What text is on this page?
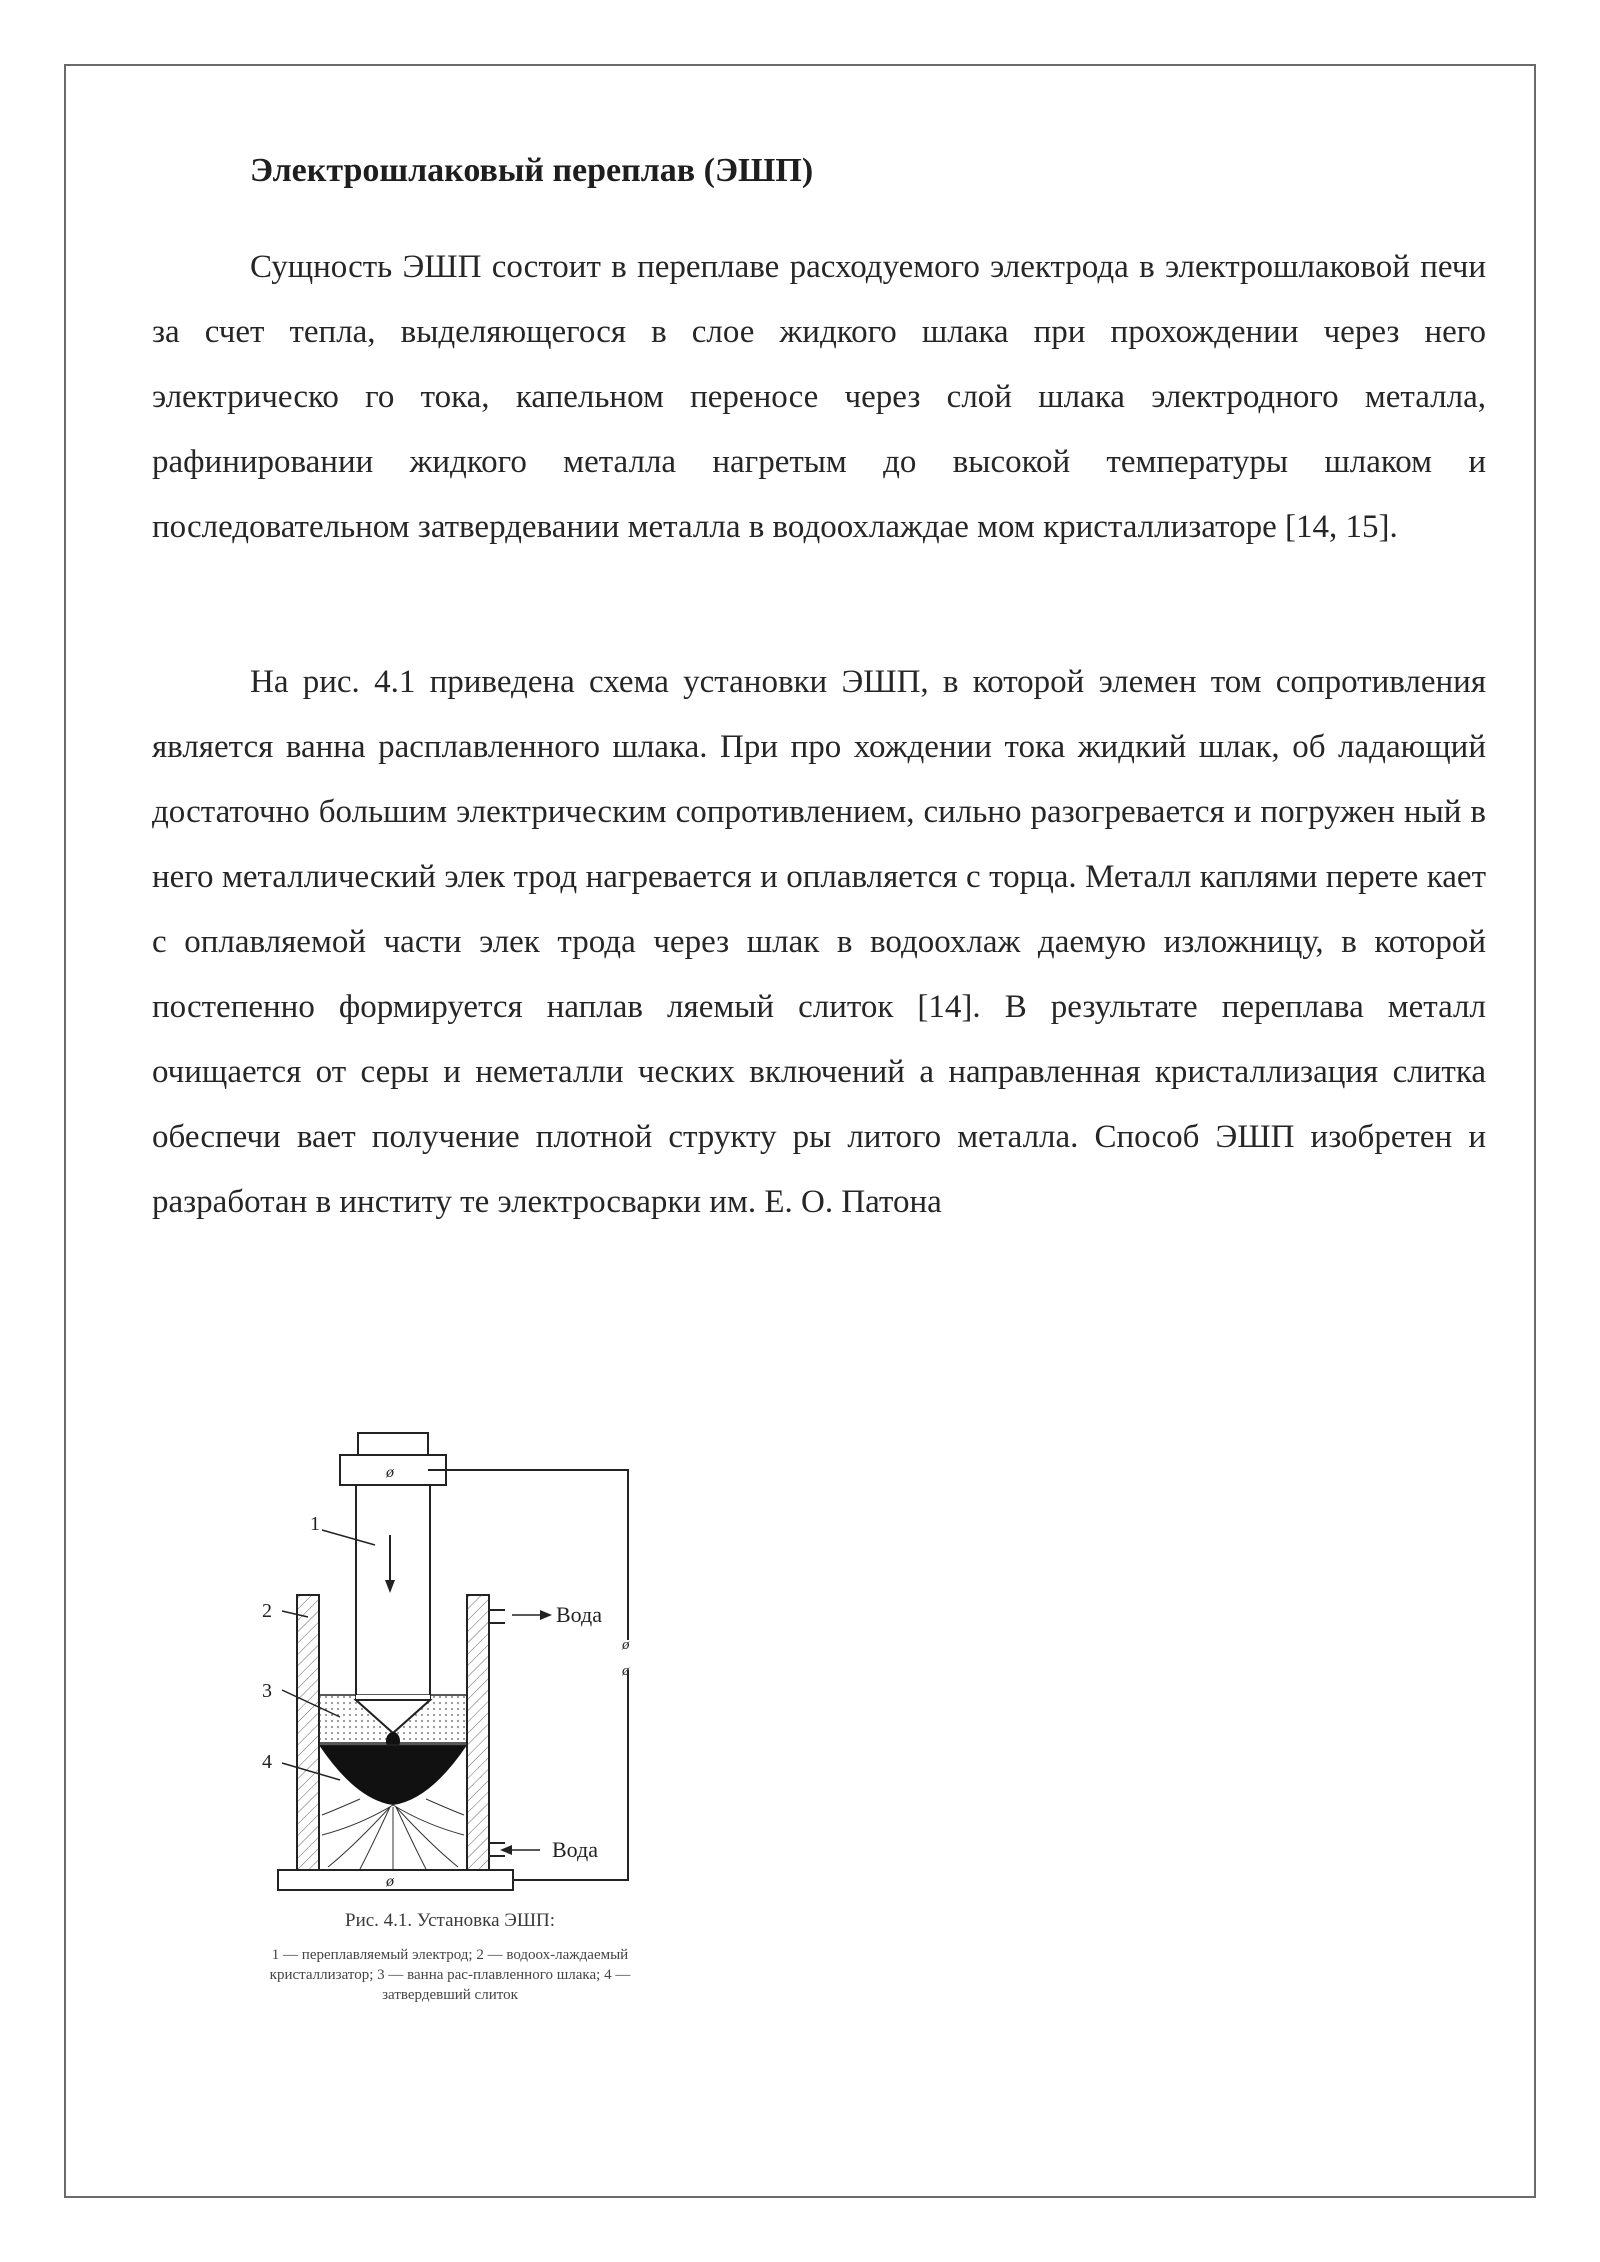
Электрошлаковый переплав (ЭШП)

Сущность ЭШП состоит в переплаве расходуемого электрода в электрошлаковой печи за счет тепла, выделяющегося в слое жидкого шлака при прохождении через него электрическо го тока, капельном переносе через слой шлака электродного металла, рафинировании жидкого металла нагретым до высокой температуры шлаком и последовательном затвердевании металла в водоохлаждае мом кристаллизаторе [14, 15].

На рис. 4.1 приведена схема установки ЭШП, в которой элемен том сопротивления является ванна расплавленного шлака. При про хождении тока жидкий шлак, об ладающий достаточно большим электрическим сопротивлением, сильно разогревается и погружен ный в него металлический элек трод нагревается и оплавляется с торца. Металл каплями перете кает с оплавляемой части элек трода через шлак в водоохлаж даемую изложницу, в которой постепенно формируется наплав ляемый слиток [14]. В результате переплава металл очищается от серы и неметалли ческих включений а направленная кристаллизация слитка обеспечи вает получение плотной структу ры литого металла. Способ ЭШП изобретен и разработан в институ те электросварки им. Е. О. Патона

ø
ø
ø
ø
1
2
3
4
Вода
Вода

Рис. 4.1. Установка ЭШП:

1 — переплавляемый электрод; 2 — водоох-лаждаемый кристаллизатор; 3 — ванна рас-плавленного шлака; 4 — затвердевший слиток
